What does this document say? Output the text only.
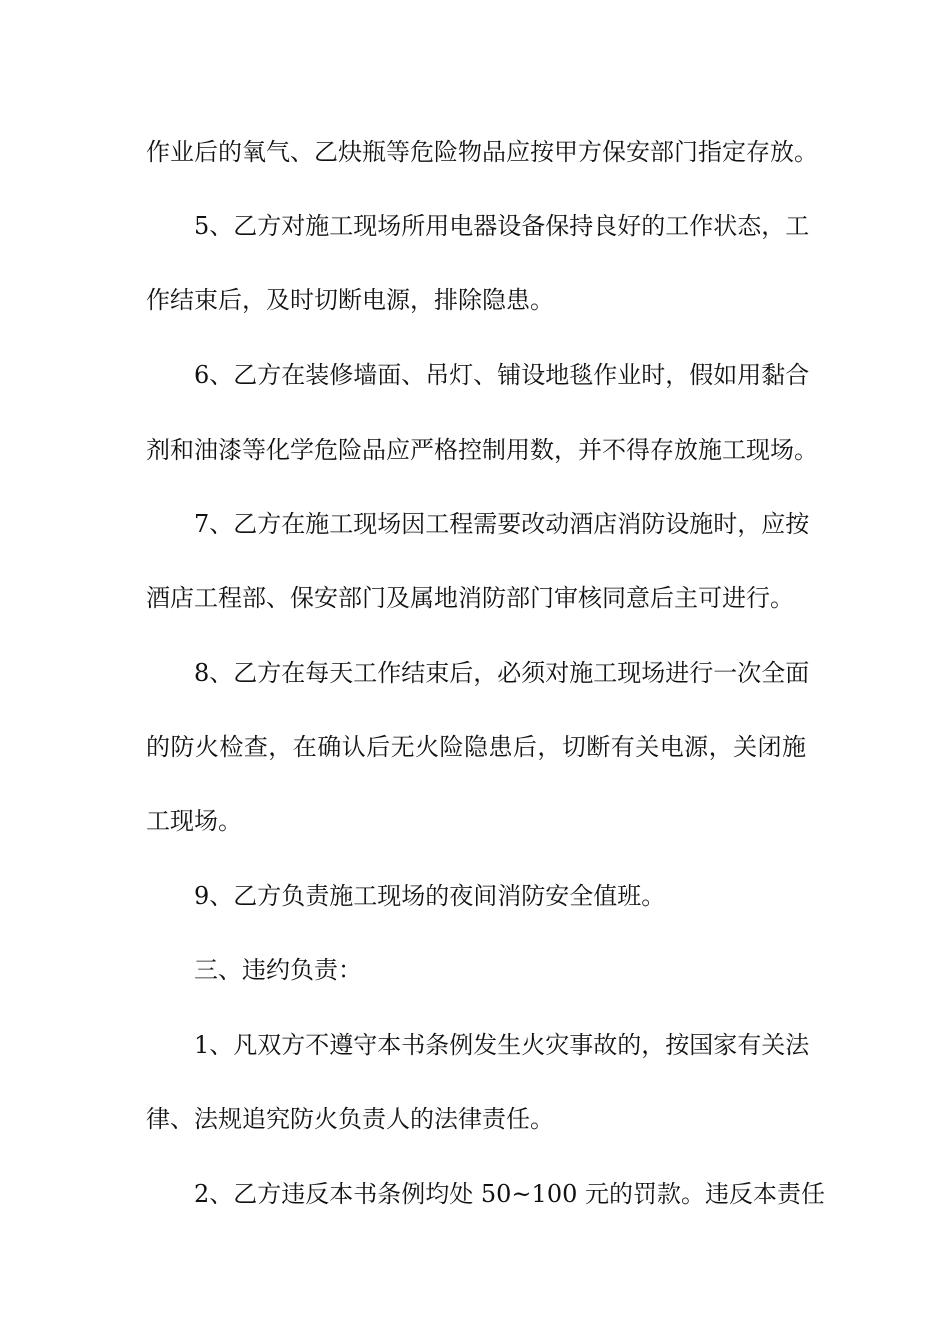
作业后的氧气、乙炔瓶等危险物品应按甲方保安部门指定存放。
5、乙方对施工现场所用电器设备保持良好的工作状态，工
作结束后，及时切断电源，排除隐患。
6、乙方在装修墙面、吊灯、铺设地毯作业时，假如用黏合
剂和油漆等化学危险品应严格控制用数，并不得存放施工现场。
7、乙方在施工现场因工程需要改动酒店消防设施时，应按
酒店工程部、保安部门及属地消防部门审核同意后主可进行。
8、乙方在每天工作结束后，必须对施工现场进行一次全面
的防火检查，在确认后无火险隐患后，切断有关电源，关闭施
工现场。
9、乙方负责施工现场的夜间消防安全值班。
三、违约负责：
1、凡双方不遵守本书条例发生火灾事故的，按国家有关法
律、法规追究防火负责人的法律责任。
2、乙方违反本书条例均处 50~100 元的罚款。违反本责任
